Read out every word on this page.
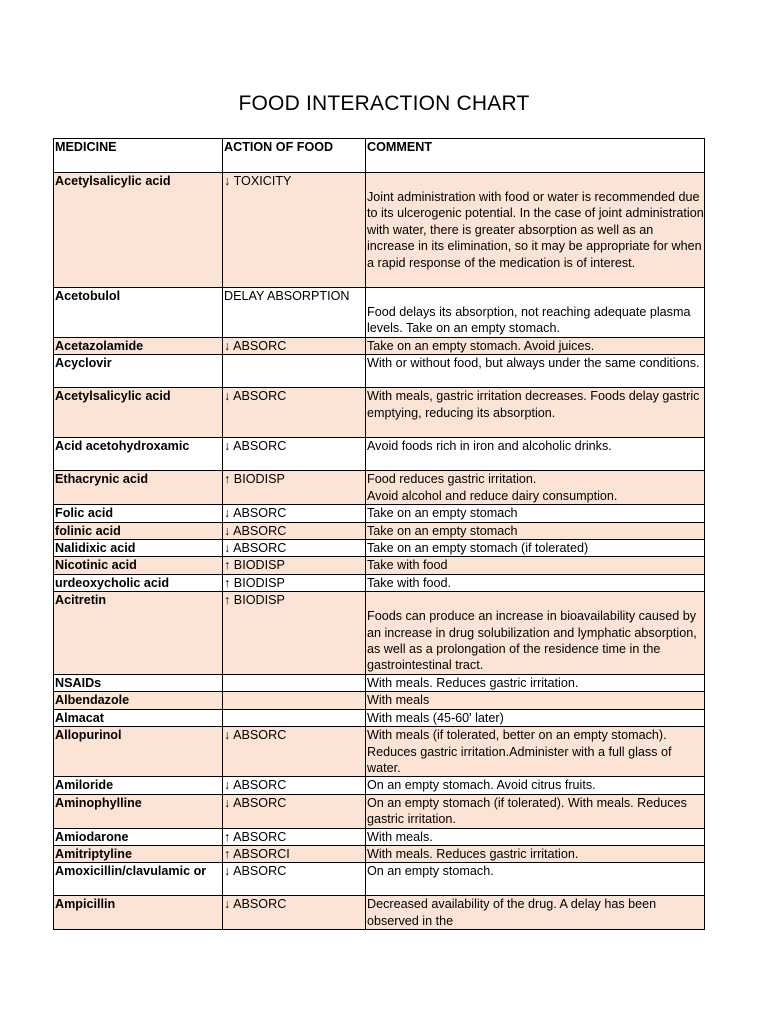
FOOD INTERACTION CHART
MEDICINE	ACTION OF FOOD	COMMENT
Acetylsalicylic acid	↓ TOXICITY	Joint administration with food or water is recommended due to its ulcerogenic potential. In the case of joint administration with water, there is greater absorption as well as an increase in its elimination, so it may be appropriate for when a rapid response of the medication is of interest.
Acetobulol	DELAY ABSORPTION	Food delays its absorption, not reaching adequate plasma levels. Take on an empty stomach.
Acetazolamide	↓ ABSORC	Take on an empty stomach. Avoid juices.
Acyclovir		With or without food, but always under the same conditions.
Acetylsalicylic acid	↓ ABSORC	With meals, gastric irritation decreases. Foods delay gastric emptying, reducing its absorption.
Acid acetohydroxamic	↓ ABSORC	Avoid foods rich in iron and alcoholic drinks.
Ethacrynic acid	↑ BIODISP	Food reduces gastric irritation.
Avoid alcohol and reduce dairy consumption.
Folic acid	↓ ABSORC	Take on an empty stomach
folinic acid	↓ ABSORC	Take on an empty stomach
Nalidixic acid	↓ ABSORC	Take on an empty stomach (if tolerated)
Nicotinic acid	↑ BIODISP	Take with food
urdeoxycholic acid	↑ BIODISP	Take with food.
Acitretin	↑ BIODISP	Foods can produce an increase in bioavailability caused by an increase in drug solubilization and lymphatic absorption, as well as a prolongation of the residence time in the gastrointestinal tract.
NSAIDs		With meals. Reduces gastric irritation.
Albendazole		With meals
Almacat		With meals (45-60' later)
Allopurinol	↓ ABSORC	With meals (if tolerated, better on an empty stomach). Reduces gastric irritation.Administer with a full glass of water.
Amiloride	↓ ABSORC	On an empty stomach. Avoid citrus fruits.
Aminophylline	↓ ABSORC	On an empty stomach (if tolerated). With meals. Reduces gastric irritation.
Amiodarone	↑ ABSORC	With meals.
Amitriptyline	↑ ABSORCI	With meals. Reduces gastric irritation.
Amoxicillin/clavulamic or	↓ ABSORC	On an empty stomach.
Ampicillin	↓ ABSORC	Decreased availability of the drug. A delay has been observed in the
